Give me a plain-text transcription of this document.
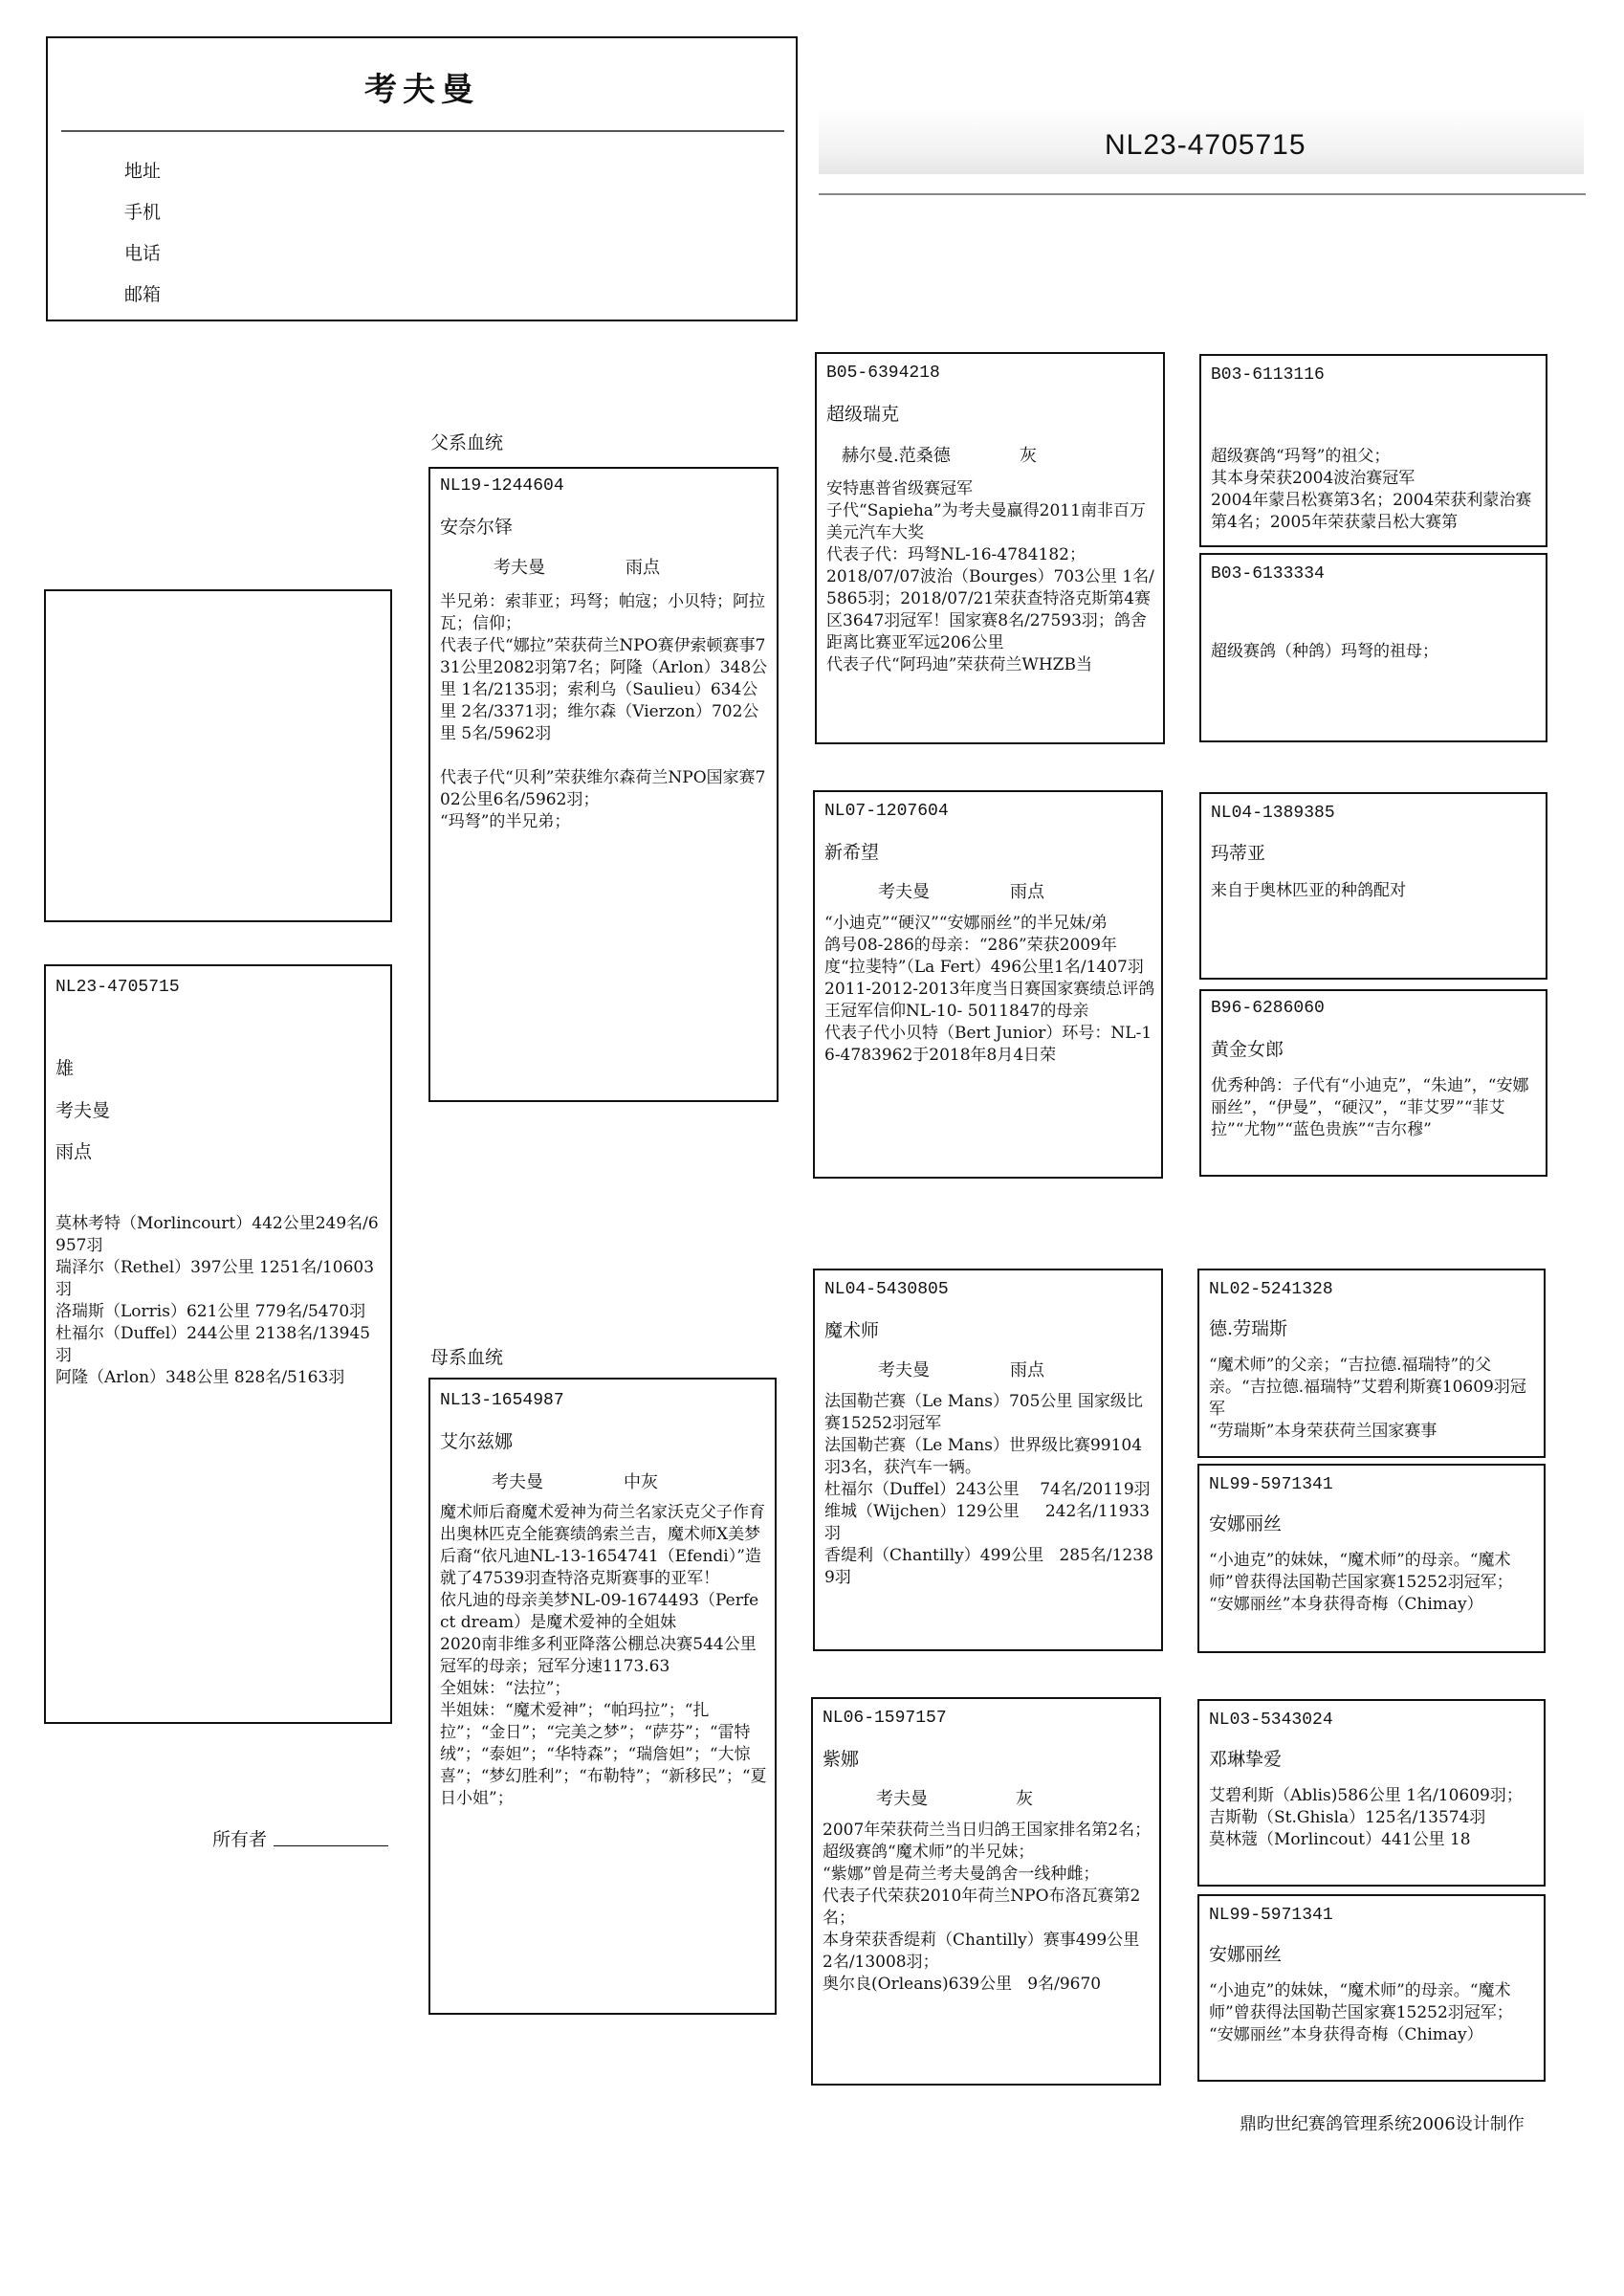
考夫曼
地址
手机
电话
邮箱
NL23-4705715
NL23-4705715
雄
考夫曼
雨点
莫林考特（Morlincourt）442公里249名/6957羽
瑞泽尔（Rethel）397公里 1251名/10603羽
洛瑞斯（Lorris）621公里 779名/5470羽
杜福尔（Duffel）244公里 2138名/13945羽
阿隆（Arlon）348公里 828名/5163羽
所有者
父系血统
母系血统
NL19-1244604
安奈尔铎
考夫曼	雨点
半兄弟：索菲亚；玛弩；帕寇；小贝特；阿拉瓦；信仰；
代表子代“娜拉”荣获荷兰NPO赛伊索顿赛事731公里2082羽第7名；阿隆（Arlon）348公里 1名/2135羽；索利乌（Saulieu）634公里 2名/3371羽；维尔森（Vierzon）702公里 5名/5962羽

代表子代“贝利”荣获维尔森荷兰NPO国家赛702公里6名/5962羽；
“玛弩”的半兄弟；
NL13-1654987
艾尔兹娜
考夫曼	中灰
魔术师后裔魔术爱神为荷兰名家沃克父子作育出奥林匹克全能赛绩鸽索兰吉，魔术师X美梦后裔“依凡迪NL-13-1654741（Efendi）”造就了47539羽查特洛克斯赛事的亚军！
依凡迪的母亲美梦NL-09-1674493（Perfect dream）是魔术爱神的全姐妹
2020南非维多利亚降落公棚总决赛544公里冠军的母亲；冠军分速1173.63
全姐妹：“法拉”；
半姐妹：“魔术爱神”；“帕玛拉”；“扎拉”；“金日”；“完美之梦”；“萨芬”；“雷特绒”；“泰妲”；“华特森”；“瑞詹妲”；“大惊喜”；“梦幻胜利”；“布勒特”；“新移民”；“夏日小姐”；
B05-6394218
超级瑞克
赫尔曼.范桑德	灰
安特惠普省级赛冠军
子代“Sapieha”为考夫曼赢得2011南非百万美元汽车大奖
代表子代：玛弩NL-16-4784182；
2018/07/07波治（Bourges）703公里 1名/5865羽；2018/07/21荣获查特洛克斯第4赛区3647羽冠军！国家赛8名/27593羽；鸽舍距离比赛亚军远206公里
代表子代“阿玛迪”荣获荷兰WHZB当
NL07-1207604
新希望
考夫曼	雨点
“小迪克”“硬汉”“安娜丽丝”的半兄妹/弟
鸽号08-286的母亲：“286”荣获2009年度“拉斐特”（La Fert）496公里1名/1407羽
2011-2012-2013年度当日赛国家赛绩总评鸽王冠军信仰NL-10- 5011847的母亲
代表子代小贝特（Bert Junior）环号：NL-16-4783962于2018年8月4日荣
NL04-5430805
魔术师
考夫曼	雨点
法国勒芒赛（Le Mans）705公里 国家级比赛15252羽冠军
法国勒芒赛（Le Mans）世界级比赛99104羽3名，获汽车一辆。
杜福尔（Duffel）243公里    74名/20119羽
维城（Wijchen）129公里     242名/11933羽
香缇利（Chantilly）499公里   285名/12389羽
NL06-1597157
紫娜
考夫曼	灰
2007年荣获荷兰当日归鸽王国家排名第2名；
超级赛鸽“魔术师”的半兄妹；
“紫娜”曾是荷兰考夫曼鸽舍一线种雌；
代表子代荣获2010年荷兰NPO布洛瓦赛第2名；
本身荣获香缇莉（Chantilly）赛事499公里 2名/13008羽；
奥尔良(Orleans)639公里   9名/9670
B03-6113116
超级赛鸽“玛弩”的祖父；
其本身荣获2004波治赛冠军
2004年蒙吕松赛第3名；2004荣获利蒙治赛第4名；2005年荣获蒙吕松大赛第
B03-6133334
超级赛鸽（种鸽）玛弩的祖母；
NL04-1389385
玛蒂亚
来自于奥林匹亚的种鸽配对
B96-6286060
黄金女郎
优秀种鸽：子代有“小迪克”，“朱迪”，“安娜丽丝”，“伊曼”，“硬汉”，“菲艾罗”“菲艾拉”“尤物”“蓝色贵族”“吉尔穆”
NL02-5241328
德.劳瑞斯
“魔术师”的父亲；“吉拉德.福瑞特”的父亲。“吉拉德.福瑞特”艾碧利斯赛10609羽冠军
“劳瑞斯”本身荣获荷兰国家赛事
NL99-5971341
安娜丽丝
“小迪克”的妹妹，“魔术师”的母亲。“魔术师”曾获得法国勒芒国家赛15252羽冠军；
“安娜丽丝”本身获得奇梅（Chimay）
NL03-5343024
邓琳挚爱
艾碧利斯（Ablis)586公里 1名/10609羽；
吉斯勒（St.Ghisla）125名/13574羽
莫林蔻（Morlincout）441公里 18
NL99-5971341
安娜丽丝
“小迪克”的妹妹，“魔术师”的母亲。“魔术师”曾获得法国勒芒国家赛15252羽冠军；
“安娜丽丝”本身获得奇梅（Chimay）
鼎昀世纪赛鸽管理系统2006设计制作
